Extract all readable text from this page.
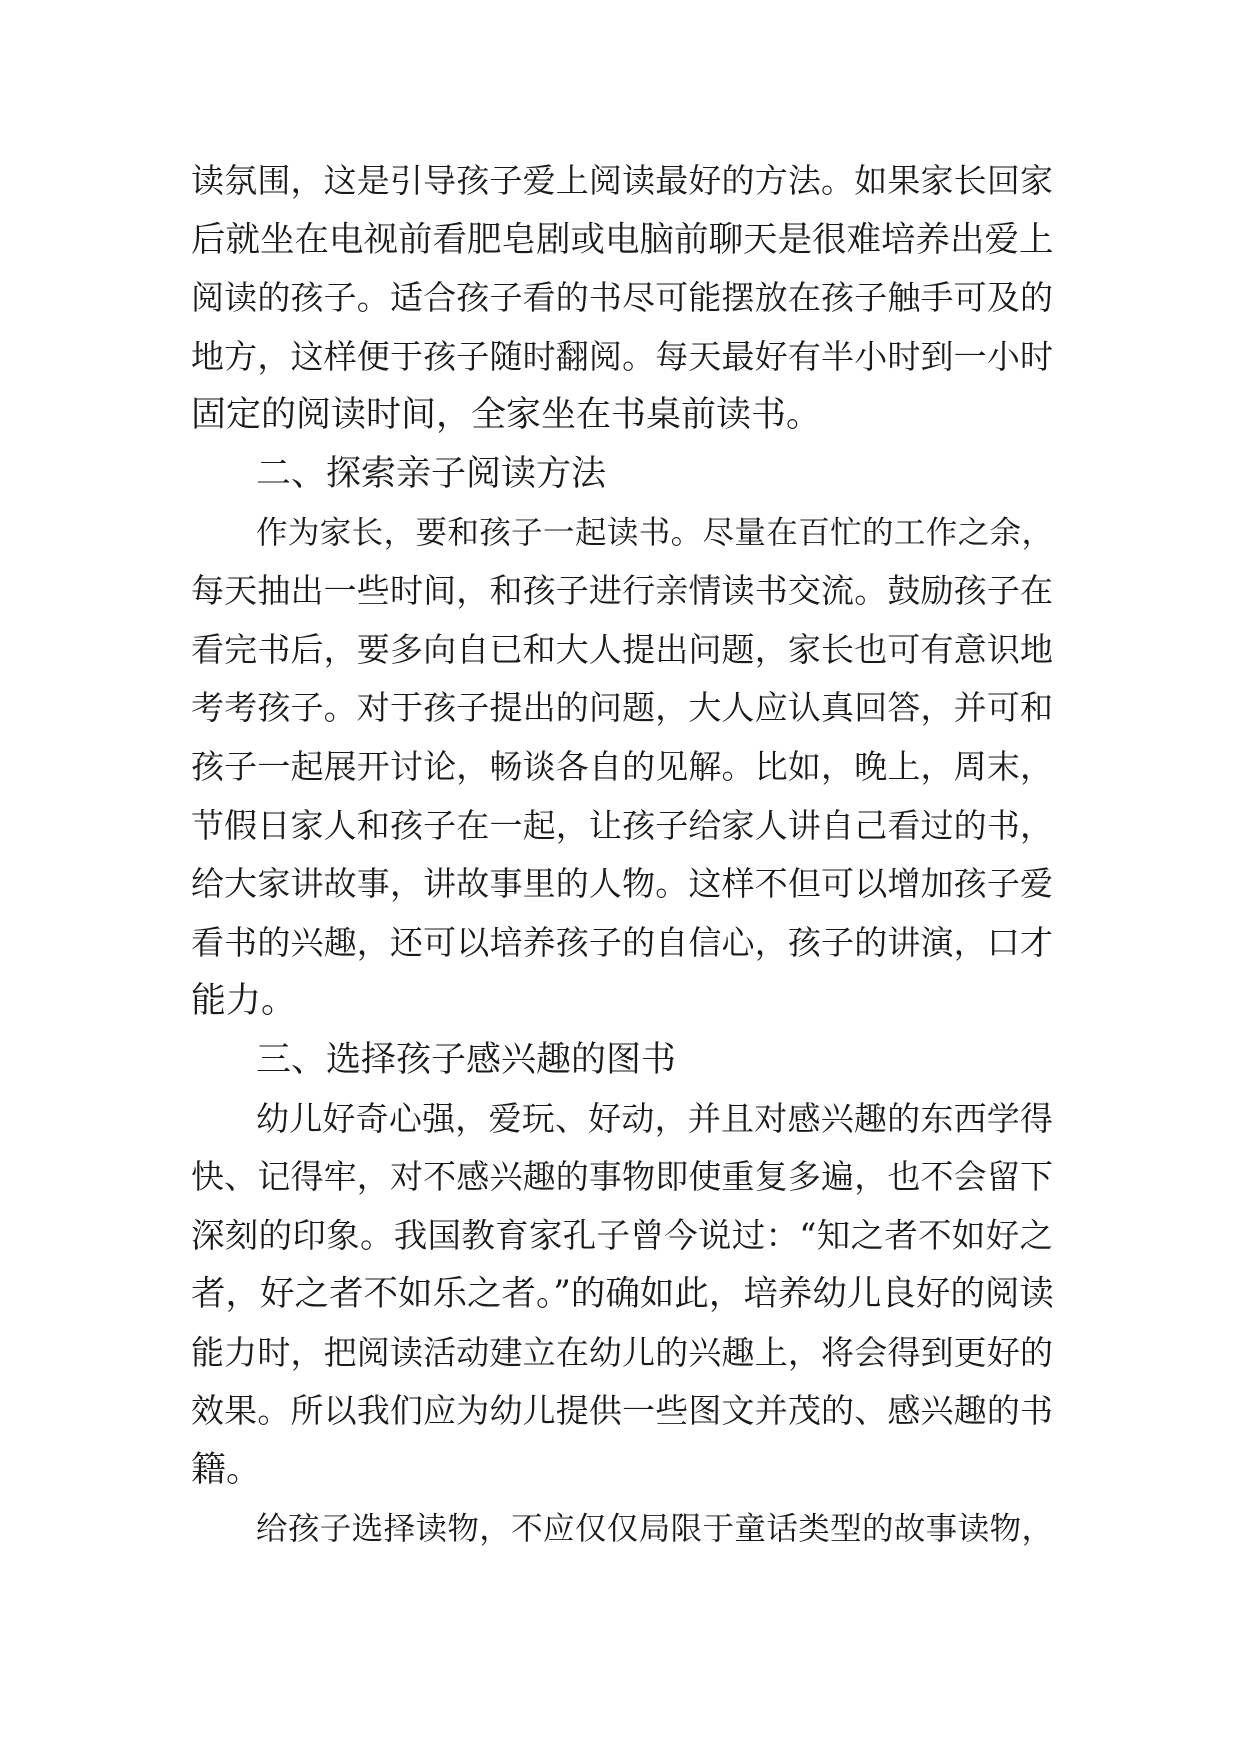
读氛围，这是引导孩子爱上阅读最好的方法。如果家长回家
后就坐在电视前看肥皂剧或电脑前聊天是很难培养出爱上
阅读的孩子。适合孩子看的书尽可能摆放在孩子触手可及的
地方，这样便于孩子随时翻阅。每天最好有半小时到一小时
固定的阅读时间，全家坐在书桌前读书。
二、探索亲子阅读方法
作为家长，要和孩子一起读书。尽量在百忙的工作之余，
每天抽出一些时间，和孩子进行亲情读书交流。鼓励孩子在
看完书后，要多向自已和大人提出问题，家长也可有意识地
考考孩子。对于孩子提出的问题，大人应认真回答，并可和
孩子一起展开讨论，畅谈各自的见解。比如，晚上，周末，
节假日家人和孩子在一起，让孩子给家人讲自己看过的书，
给大家讲故事，讲故事里的人物。这样不但可以增加孩子爱
看书的兴趣，还可以培养孩子的自信心，孩子的讲演，口才
能力。
三、选择孩子感兴趣的图书
幼儿好奇心强，爱玩、好动，并且对感兴趣的东西学得
快、记得牢，对不感兴趣的事物即使重复多遍，也不会留下
深刻的印象。我国教育家孔子曾今说过：“知之者不如好之
者，好之者不如乐之者。”的确如此，培养幼儿良好的阅读
能力时，把阅读活动建立在幼儿的兴趣上，将会得到更好的
效果。所以我们应为幼儿提供一些图文并茂的、感兴趣的书
籍。
给孩子选择读物，不应仅仅局限于童话类型的故事读物，
